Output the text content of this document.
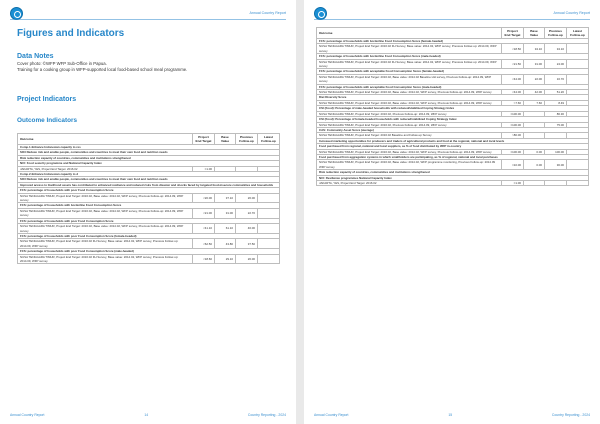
Annual Country Report
Figures and Indicators
Data Notes
Cover photo: ©WFP WFP Sub-Office in Papua.
Training for a cooking group in WFP-supported local food-based school meal programme.
Project Indicators
Outcome Indicators
Outcome	Project End Target	Base Value	Previous Follow-up	Latest Follow-up
Comp.1-Enhance Indonesian capacity to res				
SO3 Reduce risk and enable people, communities and countries to meet their own food and nutrition needs				
Risk reduction capacity of countries, communities and institutions strengthened				
NCI: Food security programme and National Capacity Index				
JAKARTA, YES, Project End Target: 2016.02	=1.00			
Comp.2-Enhance Indonesian capacity to d				
SO3 Reduce risk and enable people, communities and countries to meet their own food and nutrition needs				
Improved access to livelihood assets has contributed to enhanced resilience and reduced risks from disaster and shocks faced by targeted food-insecure communities and households				
FCS: percentage of households with poor Food Consumption Score				
NUSA TENGGARA TIMUR, Project End Target: 2016.02, Base value: 2014.02, WFP survey, Previous Follow-up: 2014.09, WFP survey	<20.00	37.10	26.00	
FCS: percentage of households with borderline Food Consumption Score				
NUSA TENGGARA TIMUR, Project End Target: 2016.02, Base value: 2014.02, WFP survey, Previous Follow-up: 2014.09, WFP survey	<21.00	31.00	22.70	
FCS: percentage of households with poor Food Consumption Score				
NUSA TENGGARA TIMUR, Project End Target: 2016.02, Base value: 2014.02, WFP survey, Previous Follow-up: 2014.09, WFP survey	<41.10	61.10	46.00	
FCS: percentage of households with poor Food Consumption Score (female-headed)				
NUSA TENGGARA TIMUR, Project End Target: 2016.02 FH Survey, Base value: 2014.02, WFP survey, Previous Follow-up: 2014.09, WFP survey	<62.50	43.80	37.50	
FCS: percentage of households with poor Food Consumption Score (male-headed)				
NUSA TENGGARA TIMUR, Project End Target: 2016.02 FH Survey, Base value: 2014.02, WFP survey, Previous Follow-up: 2014.09, WFP survey	<18.60	29.10	26.00	
Annual Country Report	14	Country Reporting - 2024
Annual Country Report
Outcome	Project End Target	Base Value	Previous Follow-up	Latest Follow-up
FCS: percentage of households with borderline Food Consumption Score (female-headed)				
NUSA TENGGARA TIMUR, Project End Target: 2016.02 FH Survey, Base value: 2014.02, WFP survey, Previous Follow-up: 2014.09, WFP survey	<18.50	34.10	34.10	
FCS: percentage of households with borderline Food Consumption Score (male-headed)				
NUSA TENGGARA TIMUR, Project End Target: 2016.02 FH Survey, Base value: 2014.02, WFP survey, Previous Follow-up: 2014.09, WFP survey	<21.50	31.00	24.00	
FCS: percentage of households with acceptable Food Consumption Score (female-headed)				
NUSA TENGGARA TIMUR, Project End Target: 2016.02, Base value: 2014.02 Baseline HH survey, Previous Follow-up: 2014.09, WFP survey	<44.00	22.00	16.70	
FCS: percentage of households with acceptable Food Consumption Score (male-headed)				
NUSA TENGGARA TIMUR, Project End Target: 2016.02, Base value: 2014.02, WFP survey, Previous Follow-up: 2014.09, WFP survey	<44.00	42.00	51.20	
Diet Diversity Score				
NUSA TENGGARA TIMUR, Project End Target: 2016.02, Base value: 2014.02, WFP survey, Previous Follow-up: 2014.09, WFP survey	>7.60	7.60	8.49	
CSI (Food): Percentage of male-headed households with reduced/stabilized Coping Strategy Index				
NUSA TENGGARA TIMUR, Project End Target: 2016.02, Previous Follow-up: 2014.09, WFP survey	=100.00		86.30	
CSI (Food): Percentage of female-headed households with reduced/stabilized Coping Strategy Index				
NUSA TENGGARA TIMUR, Project End Target: 2016.02, Previous Follow-up: 2014.09, WFP survey	=100.00		75.00	
CAS: Community Asset Score (average)				
NUSA TENGGARA TIMUR, Project End Target: 2016.02 Baseline and Follow-up Survey	>80.00			
Increased marketing opportunities for producers and traders of agricultural products and food at the regional, national and local levels				
Food purchased from regional, national and local suppliers, as % of food distributed by WFP in-country				
NUSA TENGGARA TIMUR, Project End Target: 2016.02, Base value: 2014.02, WFP survey, Previous Follow-up: 2014.09, WFP survey	=100.00	0.00	100.00	
Food purchased from aggregation systems in which smallholders are participating, as % of regional, national and local purchases				
NUSA TENGGARA TIMUR, Project End Target: 2016.02, Base value: 2014.02, WFP programme monitoring, Previous Follow-up: 2014.09 WFP survey	=10.00	0.00	30.00	
Risk reduction capacity of countries, communities and institutions strengthened				
NCI: Resilience programmes National Capacity Index				
JAKARTA, YES, Project End Target: 2016.02	=1.00			
Annual Country Report	15	Country Reporting - 2024
